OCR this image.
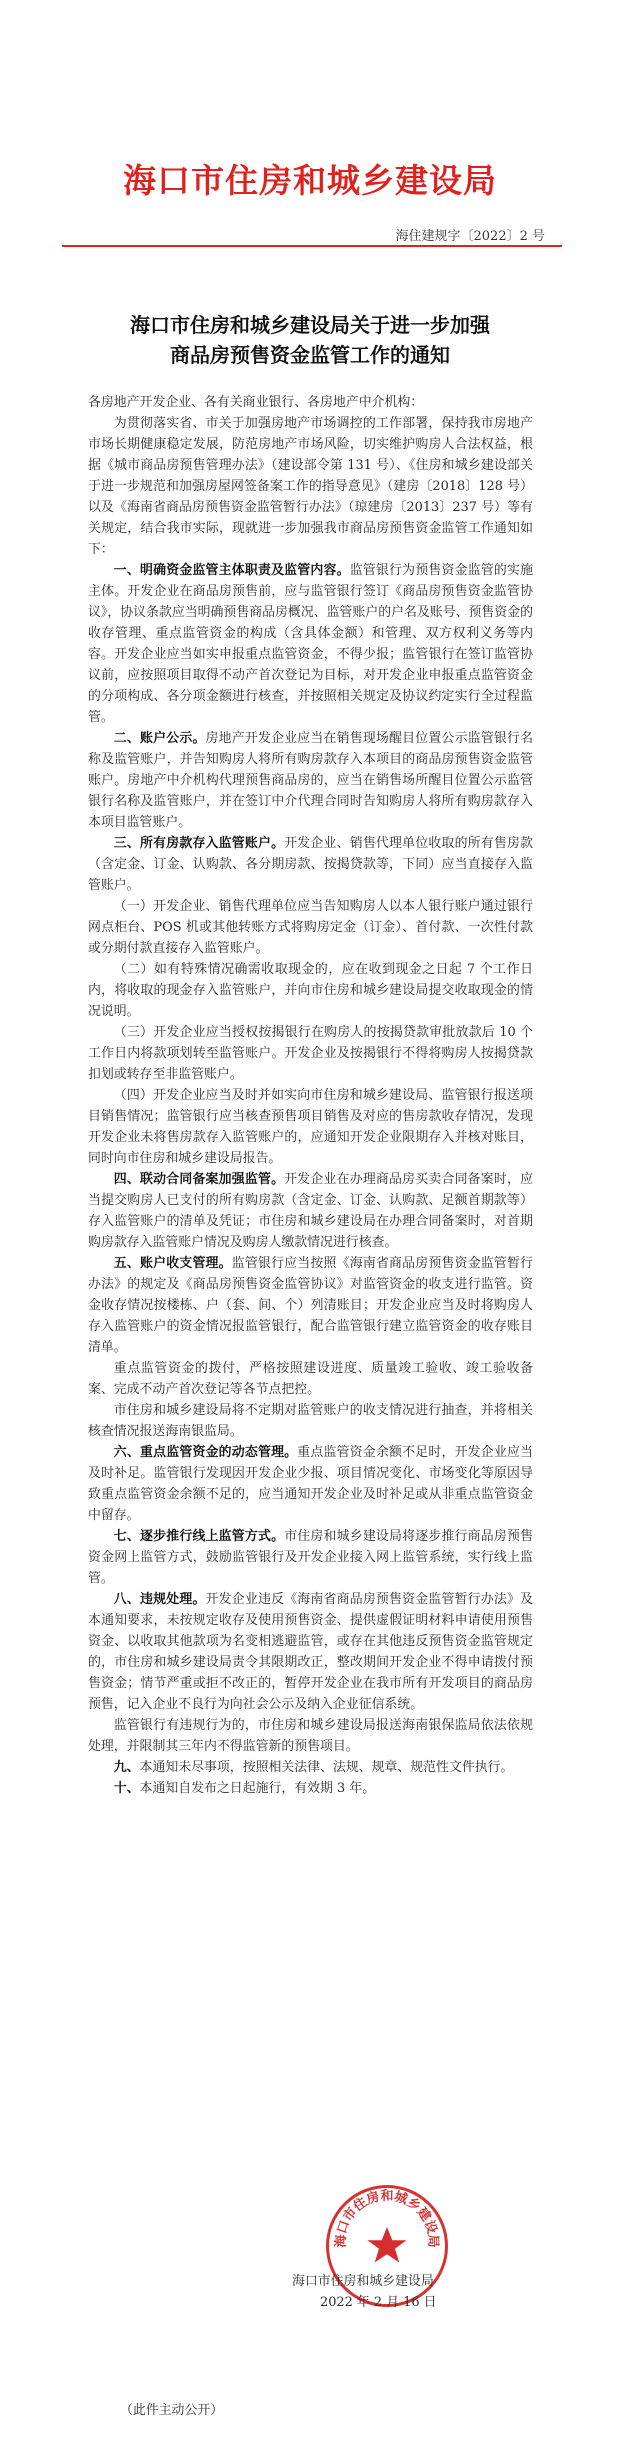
海口市住房和城乡建设局
海住建规字〔2022〕2 号
海口市住房和城乡建设局关于进一步加强
商品房预售资金监管工作的通知

各房地产开发企业、各有关商业银行、各房地产中介机构：

为贯彻落实省、市关于加强房地产市场调控的工作部署，保持我市房地产市场长期健康稳定发展，防范房地产市场风险，切实维护购房人合法权益，根据《城市商品房预售管理办法》（建设部令第 131 号）、《住房和城乡建设部关于进一步规范和加强房屋网签备案工作的指导意见》（建房〔2018〕128 号）以及《海南省商品房预售资金监管暂行办法》（琼建房〔2013〕237 号）等有关规定，结合我市实际，现就进一步加强我市商品房预售资金监管工作通知如下：

一、明确资金监管主体职责及监管内容。监管银行为预售资金监管的实施主体。开发企业在商品房预售前，应与监管银行签订《商品房预售资金监管协议》，协议条款应当明确预售商品房概况、监管账户的户名及账号、预售资金的收存管理、重点监管资金的构成（含具体金额）和管理、双方权利义务等内容。开发企业应当如实申报重点监管资金，不得少报；监管银行在签订监管协议前，应按照项目取得不动产首次登记为目标，对开发企业申报重点监管资金的分项构成、各分项金额进行核查，并按照相关规定及协议约定实行全过程监管。

二、账户公示。房地产开发企业应当在销售现场醒目位置公示监管银行名称及监管账户，并告知购房人将所有购房款存入本项目的商品房预售资金监管账户。房地产中介机构代理预售商品房的，应当在销售场所醒目位置公示监管银行名称及监管账户，并在签订中介代理合同时告知购房人将所有购房款存入本项目监管账户。

三、所有房款存入监管账户。开发企业、销售代理单位收取的所有售房款（含定金、订金、认购款、各分期房款、按揭贷款等，下同）应当直接存入监管账户。

（一）开发企业、销售代理单位应当告知购房人以本人银行账户通过银行网点柜台、POS 机或其他转账方式将购房定金（订金）、首付款、一次性付款或分期付款直接存入监管账户。

（二）如有特殊情况确需收取现金的，应在收到现金之日起 7 个工作日内，将收取的现金存入监管账户，并向市住房和城乡建设局提交收取现金的情况说明。

（三）开发企业应当授权按揭银行在购房人的按揭贷款审批放款后 10 个工作日内将款项划转至监管账户。开发企业及按揭银行不得将购房人按揭贷款扣划或转存至非监管账户。

（四）开发企业应当及时并如实向市住房和城乡建设局、监管银行报送项目销售情况；监管银行应当核查预售项目销售及对应的售房款收存情况，发现开发企业未将售房款存入监管账户的，应通知开发企业限期存入并核对账目，同时向市住房和城乡建设局报告。

四、联动合同备案加强监管。开发企业在办理商品房买卖合同备案时，应当提交购房人已支付的所有购房款（含定金、订金、认购款、足额首期款等）存入监管账户的清单及凭证；市住房和城乡建设局在办理合同备案时，对首期购房款存入监管账户情况及购房人缴款情况进行核查。

五、账户收支管理。监管银行应当按照《海南省商品房预售资金监管暂行办法》的规定及《商品房预售资金监管协议》对监管资金的收支进行监管。资金收存情况按楼栋、户（套、间、个）列清账目；开发企业应当及时将购房人存入监管账户的资金情况报监管银行，配合监管银行建立监管资金的收存账目清单。

重点监管资金的拨付，严格按照建设进度、质量竣工验收、竣工验收备案、完成不动产首次登记等各节点把控。

市住房和城乡建设局将不定期对监管账户的收支情况进行抽查，并将相关核查情况报送海南银监局。

六、重点监管资金的动态管理。重点监管资金余额不足时，开发企业应当及时补足。监管银行发现因开发企业少报、项目情况变化、市场变化等原因导致重点监管资金余额不足的，应当通知开发企业及时补足或从非重点监管资金中留存。

七、逐步推行线上监管方式。市住房和城乡建设局将逐步推行商品房预售资金网上监管方式，鼓励监管银行及开发企业接入网上监管系统，实行线上监管。

八、违规处理。开发企业违反《海南省商品房预售资金监管暂行办法》及本通知要求，未按规定收存及使用预售资金、提供虚假证明材料申请使用预售资金、以收取其他款项为名变相逃避监管，或存在其他违反预售资金监管规定的，市住房和城乡建设局责令其限期改正，整改期间开发企业不得申请拨付预售资金；情节严重或拒不改正的，暂停开发企业在我市所有开发项目的商品房预售，记入企业不良行为向社会公示及纳入企业征信系统。

监管银行有违规行为的，市住房和城乡建设局报送海南银保监局依法依规处理，并限制其三年内不得监管新的预售项目。

九、本通知未尽事项，按照相关法律、法规、规章、规范性文件执行。

十、本通知自发布之日起施行，有效期 3 年。

海口市住房和城乡建设局
海口市住房和城乡建设局
2022 年 2 月 16 日
（此件主动公开）
